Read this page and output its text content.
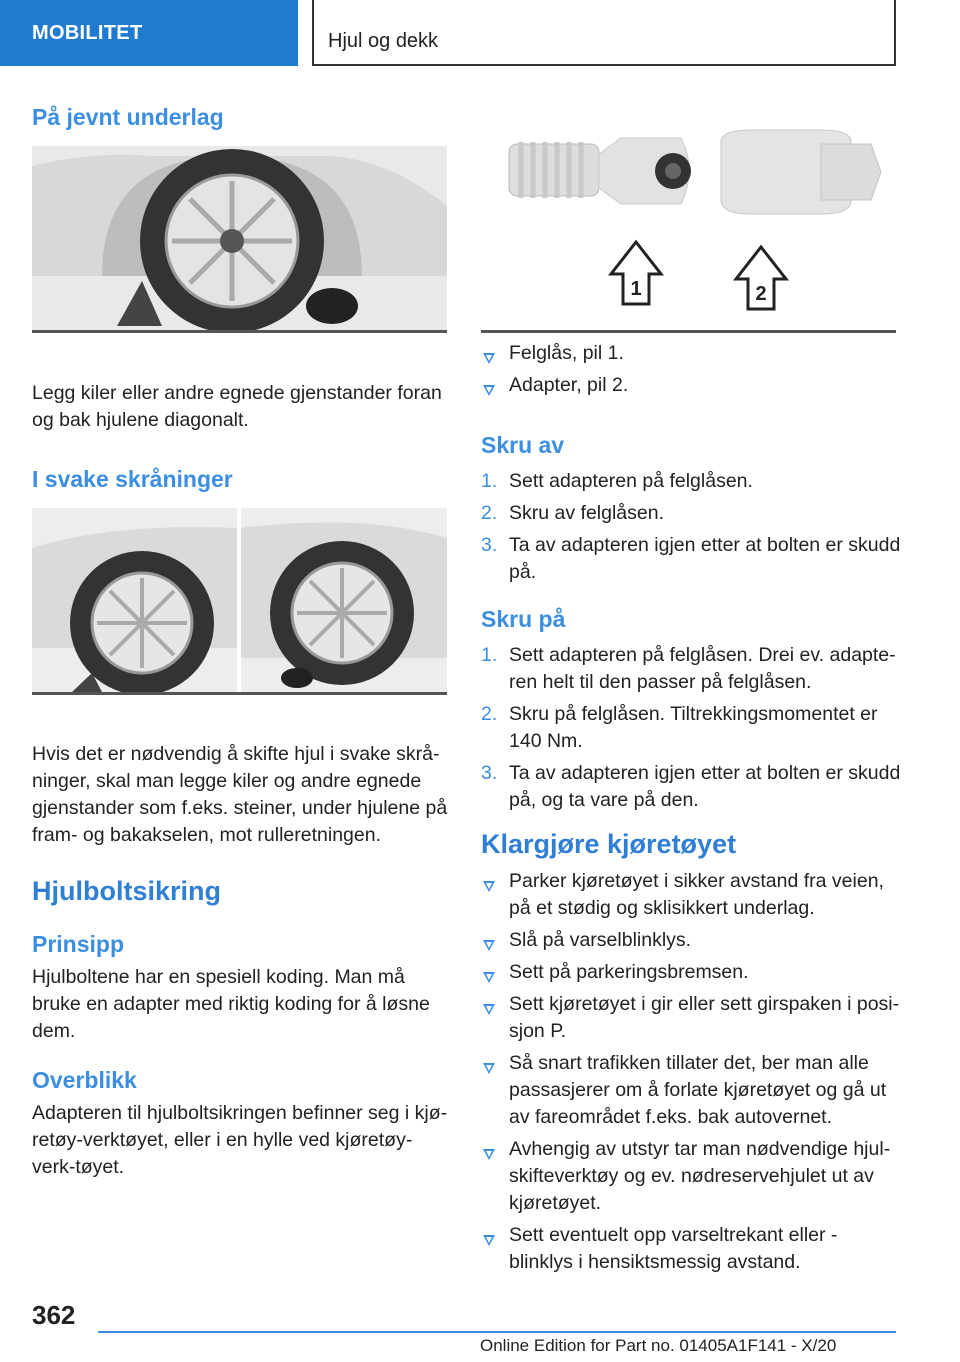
MOBILITET	Hjul og dekk
På jevnt underlag

Legg kiler eller andre egnede gjenstander foran og bak hjulene diagonalt.

I svake skråninger

Hvis det er nødvendig å skifte hjul i svake skrå-ninger, skal man legge kiler og andre egnede gjenstander som f.eks. steiner, under hjulene på fram- og bakakselen, mot rulleretningen.

Hjulboltsikring
Prinsipp

Hjulboltene har en spesiell koding. Man må bruke en adapter med riktig koding for å løsne dem.

Overblikk

Adapteren til hjulboltsikringen befinner seg i kjø-retøy-verktøyet, eller i en hylle ved kjøretøy-verk-tøyet.

1	2
Felglås, pil 1.
Adapter, pil 2.
Skru av
1. Sett adapteren på felglåsen.
2. Skru av felglåsen.
3. Ta av adapteren igjen etter at bolten er skudd på.
Skru på
1. Sett adapteren på felglåsen. Drei ev. adapte-ren helt til den passer på felglåsen.
2. Skru på felglåsen. Tiltrekkingsmomentet er 140 Nm.
3. Ta av adapteren igjen etter at bolten er skudd på, og ta vare på den.
Klargjøre kjøretøyet
Parker kjøretøyet i sikker avstand fra veien, på et stødig og sklisikkert underlag.
Slå på varselblinklys.
Sett på parkeringsbremsen.
Sett kjøretøyet i gir eller sett girspaken i posi-sjon P.
Så snart trafikken tillater det, ber man alle passasjerer om å forlate kjøretøyet og gå ut av fareområdet f.eks. bak autovernet.
Avhengig av utstyr tar man nødvendige hjul-skifteverktøy og ev. nødreservehjulet ut av kjøretøyet.
Sett eventuelt opp varseltrekant eller -blinklys i hensiktsmessig avstand.
362
Online Edition for Part no. 01405A1F141 - X/20
